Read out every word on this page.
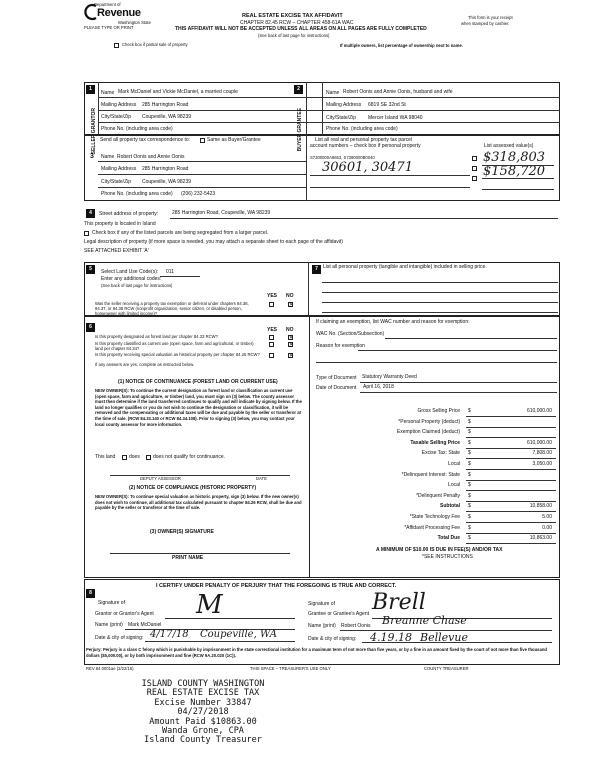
Department of
Revenue
Washington State
PLEASE TYPE OR PRINT
REAL ESTATE EXCISE TAX AFFIDAVIT
CHAPTER 82.45 RCW – CHAPTER 458-61A WAC
THIS AFFIDAVIT WILL NOT BE ACCEPTED UNLESS ALL AREAS ON ALL PAGES ARE FULLY COMPLETED
(See back of last page for instructions)
This form is your receipt
when stamped by cashier.
Check box if partial sale of property	If multiple owners, list percentage of ownership next to name.
1
SELLER GRANTOR
Name Mark McDaniel and Vickie McDaniel, a married couple
Mailing Address 285 Harrington Road
City/State/Zip Coupeville, WA 98239
Phone No. (including area code)
2
BUYER GRANTEE
Name Robert Oonis and Annie Oonis, husband and wife
Mailing Address 6819 SE 32nd St
City/State/Zip Mercer Island WA 98040
Phone No. (including area code)
Send all property tax correspondence to:	Same as Buyer/Grantee
3 Name Robert Oonis and Annie Oonis
Mailing Address 285 Harrington Road
City/State/Zip Coupeville, WA 98239
Phone No. (including area code) (206) 232-5423
List all real and personal property tax parcel
account numbers – check box if personal property	List assessed value(s)
S7300000A8653, S7390000B0040
30601, 30471
$318,803
$158,720
4	Street address of property:	285 Harrington Road, Coupeville, WA 98239
This property is located in Island
Check box if any of the listed parcels are being segregated from a larger parcel.
Legal description of property (if more space is needed, you may attach a separate sheet to each page of the affidavit)
SEE ATTACHED EXHIBIT 'A'
5	Select Land Use Code(s): 011
Enter any additional codes:
(See back of last page for instructions)
YES NO
Was the seller receiving a property tax exemption or deferral under chapters 84.36, 84.37, or 84.38 RCW (nonprofit organization, senior citizen, or disabled person, homeowner with limited income)?
✕
7	List all personal property (tangible and intangible) included in selling price.
If claiming an exemption, list WAC number and reason for exemption:
WAC No. (Section/Subsection)
Reason for exemption
Type of Document Statutory Warranty Deed
Date of Document April 16, 2018
Gross Selling Price $	610,000.00
*Personal Property (deduct) $
Exemption Claimed (deduct) $
Taxable Selling Price $	610,000.00
Excise Tax: State $	7,808.00
Local $	3,050.00
*Delinquent Interest: State $
Local $
*Delinquent Penalty $
Subtotal $	10,858.00
*State Technology Fee $	5.00
*Affidavit Processing Fee $	0.00
Total Due $	10,863.00
A MINIMUM OF $10.00 IS DUE IN FEE(S) AND/OR TAX
*SEE INSTRUCTIONS
6	YES NO
Is this property designated as forest land per chapter 84.33 RCW?	✕
Is this property classified as current use (open space, farm and agricultural, or timber) land per chapter 84.34?
✕
Is this property receiving special valuation as historical property per chapter 84.26 RCW?	✕
If any answers are yes, complete as instructed below.
(1) NOTICE OF CONTINUANCE (FOREST LAND OR CURRENT USE)
NEW OWNER(S): To continue the current designation as forest land or classification as current use (open space, farm and agriculture, or timber) land, you must sign on (3) below. The county assessor must then determine if the land transferred continues to qualify and will indicate by signing below. If the land no longer qualifies or you do not wish to continue the designation or classification, it will be removed and the compensating or additional taxes will be due and payable by the seller or transferor at the time of sale. (RCW 84.33.140 or RCW 84.34.108). Prior to signing (3) below, you may contact your local county assessor for more information.
This land	does	does not qualify for continuance.
DEPUTY ASSESSOR	DATE
(2) NOTICE OF COMPLIANCE (HISTORIC PROPERTY)
NEW OWNER(S): To continue special valuation as historic property, sign (3) below. If the new owner(s) does not wish to continue, all additional tax calculated pursuant to chapter 84.26 RCW, shall be due and payable by the seller or transferor at the time of sale.
(3) OWNER(S) SIGNATURE
PRINT NAME
8
I CERTIFY UNDER PENALTY OF PERJURY THAT THE FOREGOING IS TRUE AND CORRECT.
Signature of
Grantor or Grantor's Agent M
Name (print) Mark McDaniel
Date & city of signing: 4/17/18 Coupeville, WA
Signature of
Grantee or Grantee's Agent Brell
Name (print) Robert Oonis Breanne Chase
Date & city of signing: 4.19.18 Bellevue
Perjury: Perjury is a class C felony which is punishable by imprisonment in the state correctional institution for a maximum term of not more than five years, or by a fine in an amount fixed by the court of not more than five thousand dollars ($5,000.00), or by both imprisonment and fine (RCW 9A.20.020 (1C)).
REV 84 0001ae (2/22/16)	THIS SPACE – TREASURER'S USE ONLY	COUNTY TREASURER
ISLAND COUNTY WASHINGTON
REAL ESTATE EXCISE TAX
Excise Number 33847
04/27/2018
Amount Paid $10863.00
Wanda Grone, CPA
Island County Treasurer
